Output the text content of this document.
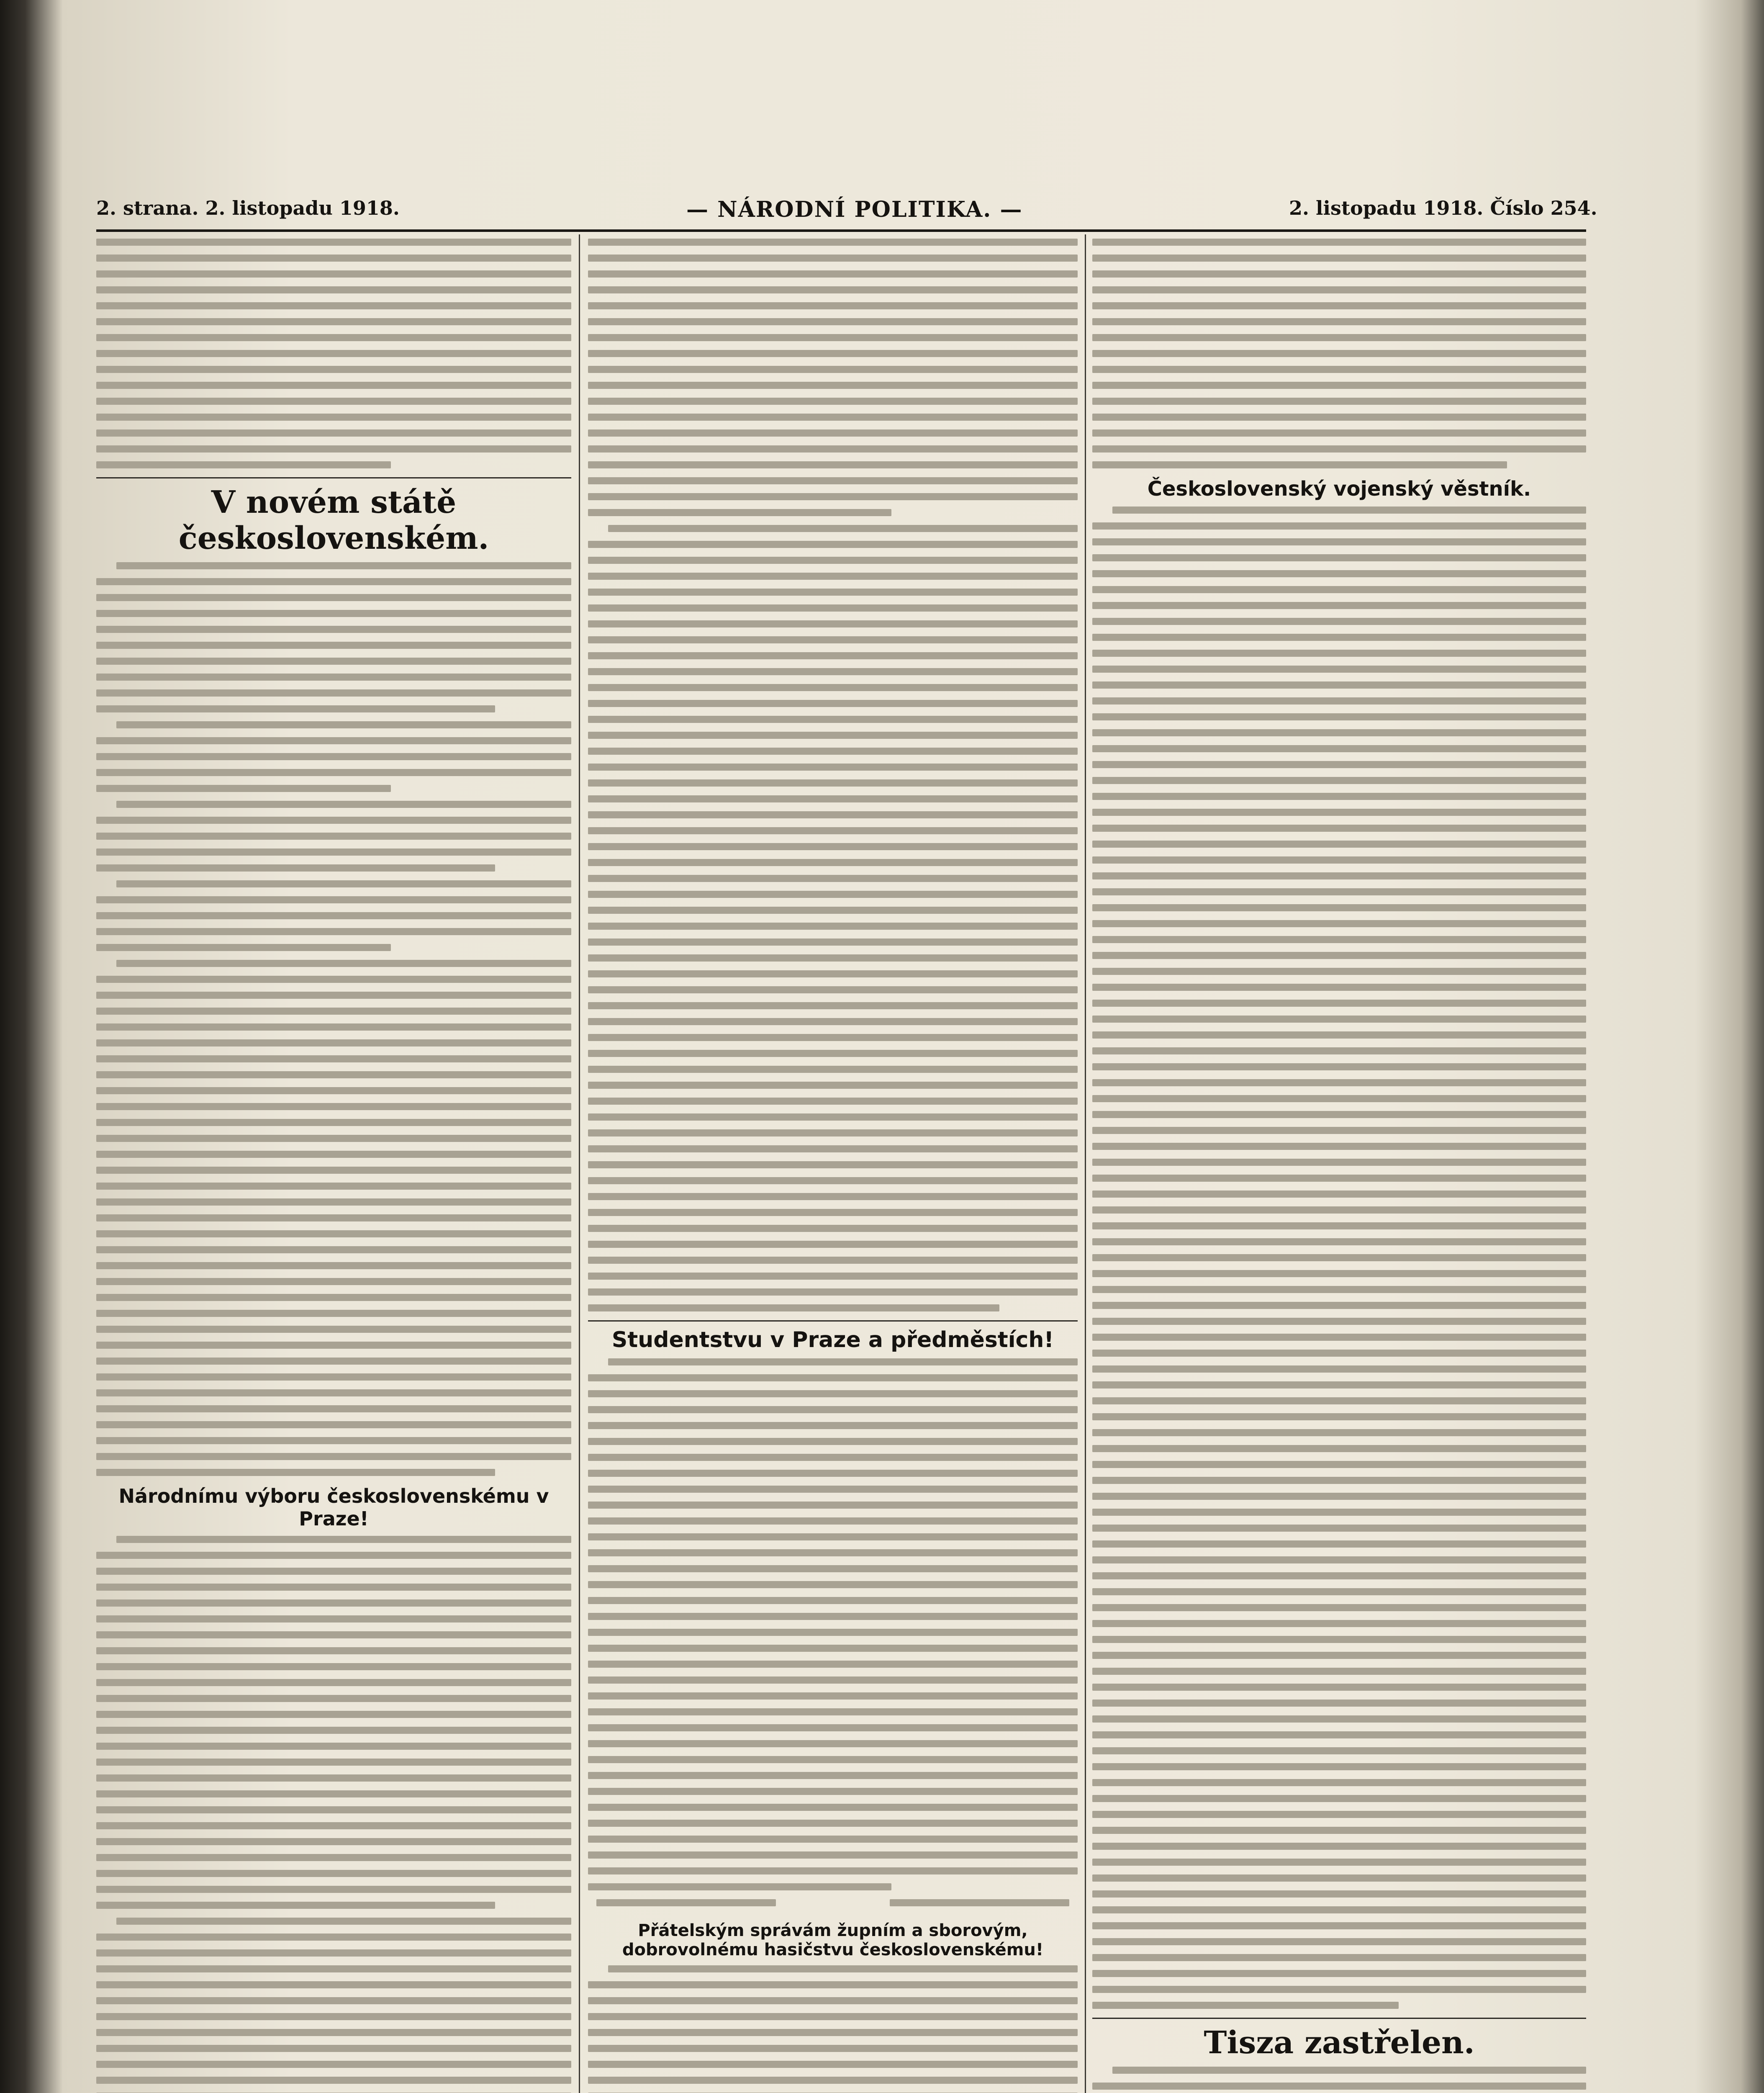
2. strana. 2. listopadu 1918.	— NÁRODNÍ POLITIKA. —	2. listopadu 1918. Číslo 254.
V novém státě československém.
Národnímu výboru československému v Praze!
Studentstvu v Praze a předměstích!
Přátelským správám župním a sborovým, dobrovolnému hasičstvu československému!
Československý vojenský věstník.
Tisza zastřelen.
